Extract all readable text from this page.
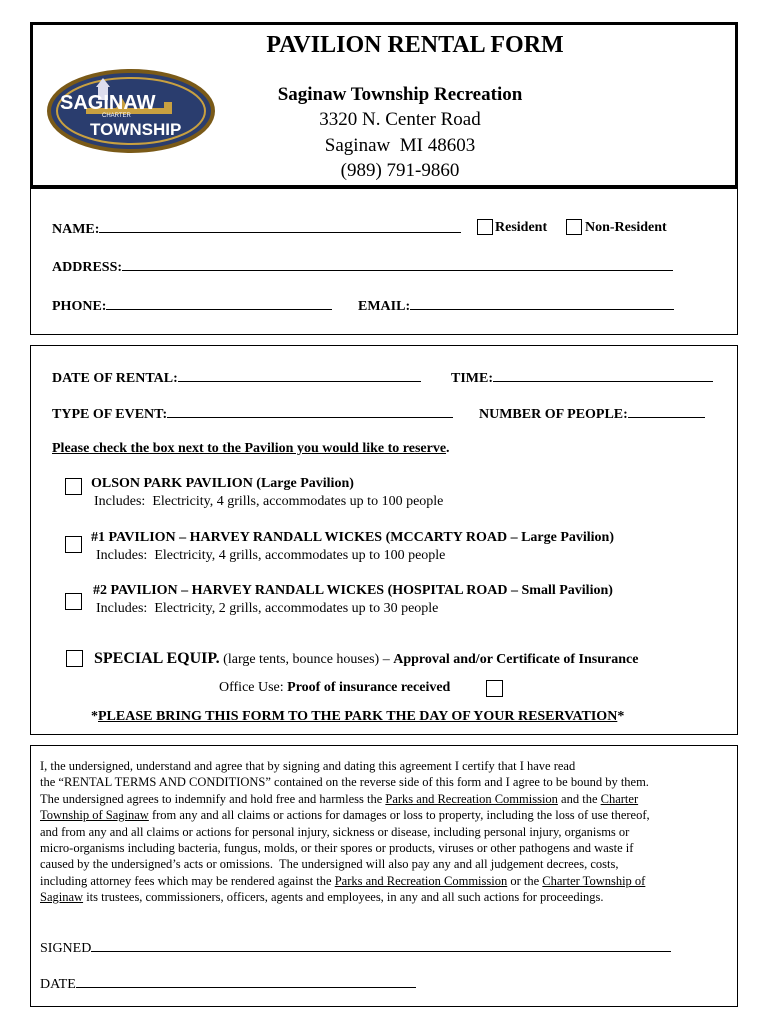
SAGINAW
CHARTER
TOWNSHIP
PAVILION RENTAL FORM
Saginaw Township Recreation
3320 N. Center Road
Saginaw  MI 48603
(989) 791-9860
NAME:	Resident	Non-Resident
ADDRESS:
PHONE:	EMAIL:
DATE OF RENTAL:	TIME:
TYPE OF EVENT:	NUMBER OF PEOPLE:
Please check the box next to the Pavilion you would like to reserve.
OLSON PARK PAVILION (Large Pavilion)
Includes:  Electricity, 4 grills, accommodates up to 100 people
#1 PAVILION – HARVEY RANDALL WICKES (MCCARTY ROAD – Large Pavilion)
Includes:  Electricity, 4 grills, accommodates up to 100 people
#2 PAVILION – HARVEY RANDALL WICKES (HOSPITAL ROAD – Small Pavilion)
Includes:  Electricity, 2 grills, accommodates up to 30 people
SPECIAL EQUIP. (large tents, bounce houses) – Approval and/or Certificate of Insurance
Office Use: Proof of insurance received
*PLEASE BRING THIS FORM TO THE PARK THE DAY OF YOUR RESERVATION*
I, the undersigned, understand and agree that by signing and dating this agreement I certify that I have read
the “RENTAL TERMS AND CONDITIONS” contained on the reverse side of this form and I agree to be bound by them.
The undersigned agrees to indemnify and hold free and harmless the Parks and Recreation Commission and the Charter
Township of Saginaw from any and all claims or actions for damages or loss to property, including the loss of use thereof,
and from any and all claims or actions for personal injury, sickness or disease, including personal injury, organisms or
micro-organisms including bacteria, fungus, molds, or their spores or products, viruses or other pathogens and waste if
caused by the undersigned’s acts or omissions.  The undersigned will also pay any and all judgement decrees, costs,
including attorney fees which may be rendered against the Parks and Recreation Commission or the Charter Township of
Saginaw its trustees, commissioners, officers, agents and employees, in any and all such actions for proceedings.
SIGNED
DATE
